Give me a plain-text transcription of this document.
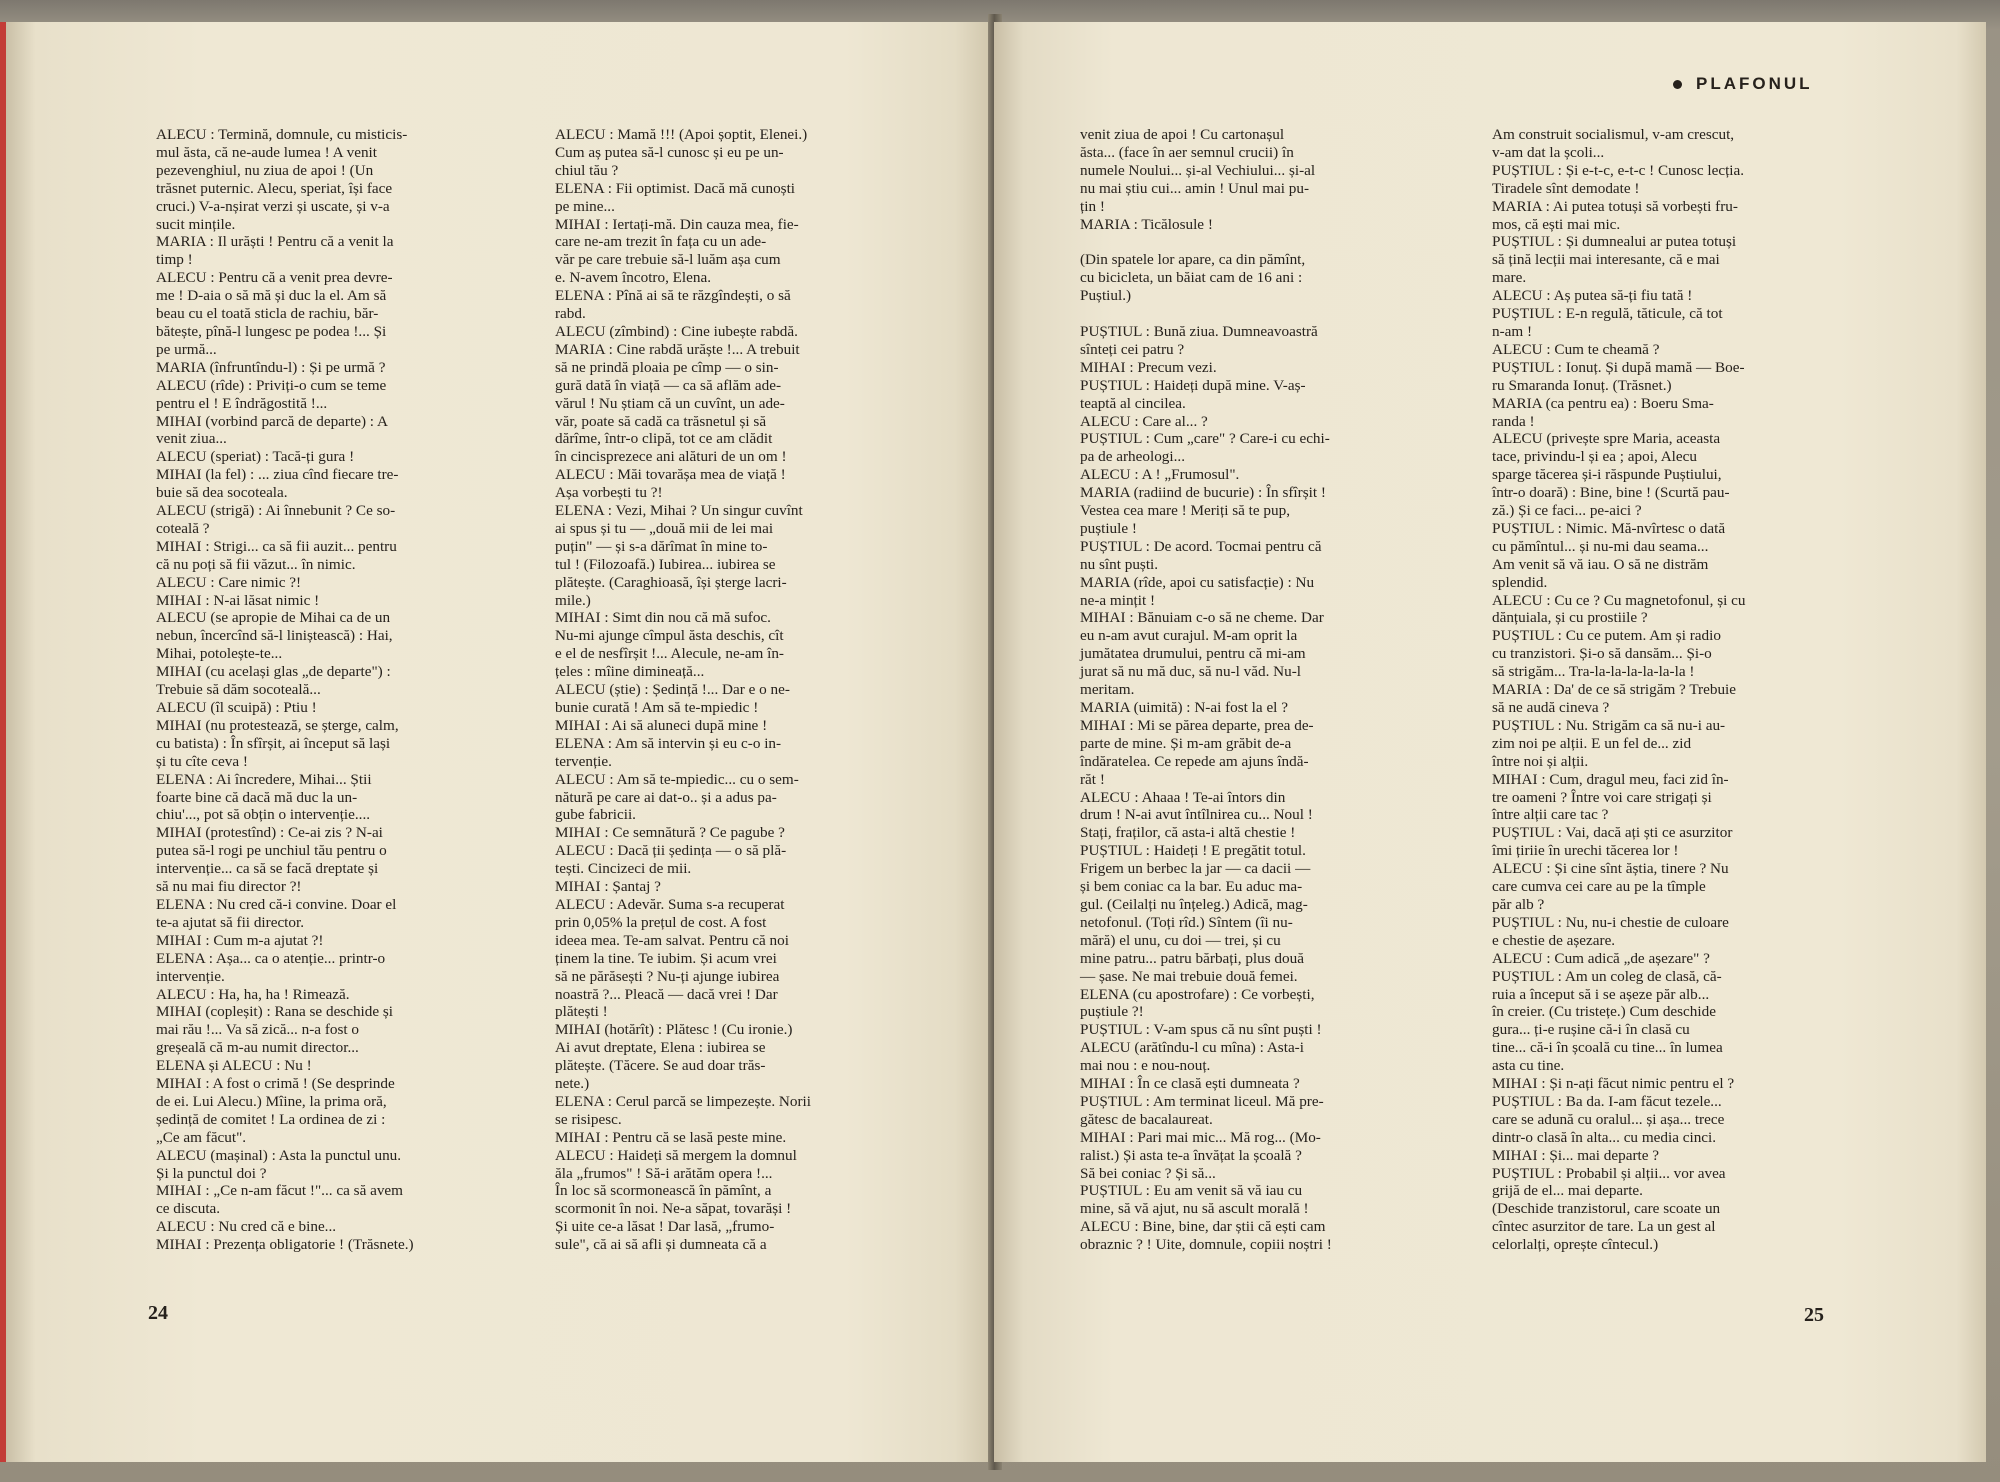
ALECU : Termină, domnule, cu misticis-
mul ăsta, că ne-aude lumea ! A venit
pezevenghiul, nu ziua de apoi ! (Un
trăsnet puternic. Alecu, speriat, își face
cruci.) V-a-nșirat verzi și uscate, și v-a
sucit mințile.
MARIA : Il urăști ! Pentru că a venit la
timp !
ALECU : Pentru că a venit prea devre-
me ! D-aia o să mă și duc la el. Am să
beau cu el toată sticla de rachiu, băr-
bătește, pînă-l lungesc pe podea !... Și
pe urmă...
MARIA (înfruntîndu-l) : Și pe urmă ?
ALECU (rîde) : Priviți-o cum se teme
pentru el ! E îndrăgostită !...
MIHAI (vorbind parcă de departe) : A
venit ziua...
ALECU (speriat) : Tacă-ți gura !
MIHAI (la fel) : ... ziua cînd fiecare tre-
buie să dea socoteala.
ALECU (strigă) : Ai înnebunit ? Ce so-
coteală ?
MIHAI : Strigi... ca să fii auzit... pentru
că nu poți să fii văzut... în nimic.
ALECU : Care nimic ?!
MIHAI : N-ai lăsat nimic !
ALECU (se apropie de Mihai ca de un
nebun, încercînd să-l liniștească) : Hai,
Mihai, potolește-te...
MIHAI (cu același glas „de departe") :
Trebuie să dăm socoteală...
ALECU (îl scuipă) : Ptiu !
MIHAI (nu protestează, se șterge, calm,
cu batista) : În sfîrșit, ai început să lași
și tu cîte ceva !
ELENA : Ai încredere, Mihai... Știi
foarte bine că dacă mă duc la un-
chiu'..., pot să obțin o intervenție....
MIHAI (protestînd) : Ce-ai zis ? N-ai
putea să-l rogi pe unchiul tău pentru o
intervenție... ca să se facă dreptate și
să nu mai fiu director ?!
ELENA : Nu cred că-i convine. Doar el
te-a ajutat să fii director.
MIHAI : Cum m-a ajutat ?!
ELENA : Așa... ca o atenție... printr-o
intervenție.
ALECU : Ha, ha, ha ! Rimează.
MIHAI (copleșit) : Rana se deschide și
mai rău !... Va să zică... n-a fost o
greșeală că m-au numit director...
ELENA și ALECU : Nu !
MIHAI : A fost o crimă ! (Se desprinde
de ei. Lui Alecu.) Mîine, la prima oră,
ședință de comitet ! La ordinea de zi :
„Ce am făcut".
ALECU (mașinal) : Asta la punctul unu.
Și la punctul doi ?
MIHAI : „Ce n-am făcut !"... ca să avem
ce discuta.
ALECU : Nu cred că e bine...
MIHAI : Prezența obligatorie ! (Trăsnete.)
ALECU : Mamă !!! (Apoi șoptit, Elenei.)
Cum aș putea să-l cunosc și eu pe un-
chiul tău ?
ELENA : Fii optimist. Dacă mă cunoști
pe mine...
MIHAI : Iertați-mă. Din cauza mea, fie-
care ne-am trezit în fața cu un ade-
văr pe care trebuie să-l luăm așa cum
e. N-avem încotro, Elena.
ELENA : Pînă ai să te răzgîndești, o să
rabd.
ALECU (zîmbind) : Cine iubește rabdă.
MARIA : Cine rabdă urăște !... A trebuit
să ne prindă ploaia pe cîmp — o sin-
gură dată în viață — ca să aflăm ade-
vărul ! Nu știam că un cuvînt, un ade-
văr, poate să cadă ca trăsnetul și să
dărîme, într-o clipă, tot ce am clădit
în cincisprezece ani alături de un om !
ALECU : Măi tovarășa mea de viață !
Așa vorbești tu ?!
ELENA : Vezi, Mihai ? Un singur cuvînt
ai spus și tu — „două mii de lei mai
puțin" — și s-a dărîmat în mine to-
tul ! (Filozoafă.) Iubirea... iubirea se
plătește. (Caraghioasă, își șterge lacri-
mile.)
MIHAI : Simt din nou că mă sufoc.
Nu-mi ajunge cîmpul ăsta deschis, cît
e el de nesfîrșit !... Alecule, ne-am în-
țeles : mîine dimineață...
ALECU (știe) : Ședință !... Dar e o ne-
bunie curată ! Am să te-mpiedic !
MIHAI : Ai să aluneci după mine !
ELENA : Am să intervin și eu c-o in-
tervenție.
ALECU : Am să te-mpiedic... cu o sem-
nătură pe care ai dat-o.. și a adus pa-
gube fabricii.
MIHAI : Ce semnătură ? Ce pagube ?
ALECU : Dacă ții ședința — o să plă-
tești. Cincizeci de mii.
MIHAI : Șantaj ?
ALECU : Adevăr. Suma s-a recuperat
prin 0,05% la prețul de cost. A fost
ideea mea. Te-am salvat. Pentru că noi
ținem la tine. Te iubim. Și acum vrei
să ne părăsești ? Nu-ți ajunge iubirea
noastră ?... Pleacă — dacă vrei ! Dar
plătești !
MIHAI (hotărît) : Plătesc ! (Cu ironie.)
Ai avut dreptate, Elena : iubirea se
plătește. (Tăcere. Se aud doar trăs-
nete.)
ELENA : Cerul parcă se limpezește. Norii
se risipesc.
MIHAI : Pentru că se lasă peste mine.
ALECU : Haideți să mergem la domnul
ăla „frumos" ! Să-i arătăm operа !...
În loc să scormonească în pămînt, a
scormonit în noi. Ne-a săpat, tovarăși !
Și uite ce-a lăsat ! Dar lasă, „frumo-
sule", că ai să afli și dumneata că a
24
PLAFONUL
venit ziua de apoi ! Cu cartonașul
ăsta... (face în aer semnul crucii) în
numele Noului... și-al Vechiului... și-al
nu mai știu cui... amin ! Unul mai pu-
țin !
MARIA : Ticălosule !

(Din spatele lor apare, ca din pămînt,
cu bicicleta, un băiat cam de 16 ani :
Puștiul.)

PUȘTIUL : Bună ziua. Dumneavoastră
sînteți cei patru ?
MIHAI : Precum vezi.
PUȘTIUL : Haideți după mine. V-aș-
teaptă al cincilea.
ALECU : Care al... ?
PUȘTIUL : Cum „care" ? Care-i cu echi-
pa de arheologi...
ALECU : A ! „Frumosul".
MARIA (radiind de bucurie) : În sfîrșit !
Vestea cea mare ! Meriți să te pup,
puștiule !
PUȘTIUL : De acord. Tocmai pentru că
nu sînt puști.
MARIA (rîde, apoi cu satisfacție) : Nu
ne-a mințit !
MIHAI : Bănuiam c-o să ne cheme. Dar
eu n-am avut curajul. M-am oprit la
jumătatea drumului, pentru că mi-am
jurat să nu mă duc, să nu-l văd. Nu-l
meritam.
MARIA (uimită) : N-ai fost la el ?
MIHAI : Mi se părea departe, prea de-
parte de mine. Și m-am grăbit de-a
îndăratelea. Ce repede am ajuns îndă-
răt !
ALECU : Ahaaa ! Te-ai întors din
drum ! N-ai avut întîlnirea cu... Noul !
Stați, fraților, că asta-i altă chestie !
PUȘTIUL : Haideți ! E pregătit totul.
Frigem un berbec la jar — ca dacii —
și bem coniac ca la bar. Eu aduc ma-
gul. (Ceilalți nu înțeleg.) Adică, mag-
netofonul. (Toți rîd.) Sîntem (îi nu-
mără) el unu, cu doi — trei, și cu
mine patru... patru bărbați, plus două
— șase. Ne mai trebuie două femei.
ELENA (cu apostrofare) : Ce vorbești,
puștiule ?!
PUȘTIUL : V-am spus că nu sînt puști !
ALECU (arătîndu-l cu mîna) : Asta-i
mai nou : e nou-nouț.
MIHAI : În ce clasă ești dumneata ?
PUȘTIUL : Am terminat liceul. Mă pre-
gătesc de bacalaureat.
MIHAI : Pari mai mic... Mă rog... (Mo-
ralist.) Și asta te-a învățat la școală ?
Să bei coniac ? Și să...
PUȘTIUL : Eu am venit să vă iau cu
mine, să vă ajut, nu să ascult morală !
ALECU : Bine, bine, dar știi că ești cam
obraznic ? ! Uite, domnule, copiii noștri !
Am construit socialismul, v-am crescut,
v-am dat la școli...
PUȘTIUL : Și e-t-c, e-t-c ! Cunosc lecția.
Tiradele sînt demodate !
MARIA : Ai putea totuși să vorbești fru-
mos, că ești mai mic.
PUȘTIUL : Și dumnealui ar putea totuși
să țină lecții mai interesante, că e mai
mare.
ALECU : Aș putea să-ți fiu tată !
PUȘTIUL : E-n regulă, tăticule, că tot
n-am !
ALECU : Cum te cheamă ?
PUȘTIUL : Ionuț. Și după mamă — Boe-
ru Smaranda Ionuț. (Trăsnet.)
MARIA (ca pentru ea) : Boeru Sma-
randa !
ALECU (privește spre Maria, aceasta
tace, privindu-l și ea ; apoi, Alecu
sparge tăcerea și-i răspunde Puștiului,
într-o doară) : Bine, bine ! (Scurtă pau-
ză.) Și ce faci... pe-aici ?
PUȘTIUL : Nimic. Mă-nvîrtesc o dată
cu pămîntul... și nu-mi dau seama...
Am venit să vă iau. O să ne distrăm
splendid.
ALECU : Cu ce ? Cu magnetofonul, și cu
dănțuiala, și cu prostiile ?
PUȘTIUL : Cu ce putem. Am și radio
cu tranzistori. Și-o să dansăm... Și-o
să strigăm... Tra-la-la-la-la-la-la !
MARIA : Da' de ce să strigăm ? Trebuie
să ne audă cineva ?
PUȘTIUL : Nu. Strigăm ca să nu-i au-
zim noi pe alții. E un fel de... zid
între noi și alții.
MIHAI : Cum, dragul meu, faci zid în-
tre oameni ? Între voi care strigați și
între alții care tac ?
PUȘTIUL : Vai, dacă ați ști ce asurzitor
îmi țiriie în urechi tăcerea lor !
ALECU : Și cine sînt ăștia, tinere ? Nu
care cumva cei care au pe la tîmple
păr alb ?
PUȘTIUL : Nu, nu-i chestie de culoare
e chestie de așezare.
ALECU : Cum adică „de așezare" ?
PUȘTIUL : Am un coleg de clasă, că-
ruia a început să i se așeze păr alb...
în creier. (Cu tristețe.) Cum deschide
gura... ți-e rușine că-i în clasă cu
tine... că-i în școală cu tine... în lumea
asta cu tine.
MIHAI : Și n-ați făcut nimic pentru el ?
PUȘTIUL : Ba da. I-am făcut tezele...
care se adună cu oralul... și așa... trece
dintr-o clasă în alta... cu media cinci.
MIHAI : Și... mai departe ?
PUȘTIUL : Probabil și alții... vor avea
grijă de el... mai departe.
(Deschide tranzistorul, care scoate un
cîntec asurzitor de tare. La un gest al
celorlalți, oprește cîntecul.)
25
